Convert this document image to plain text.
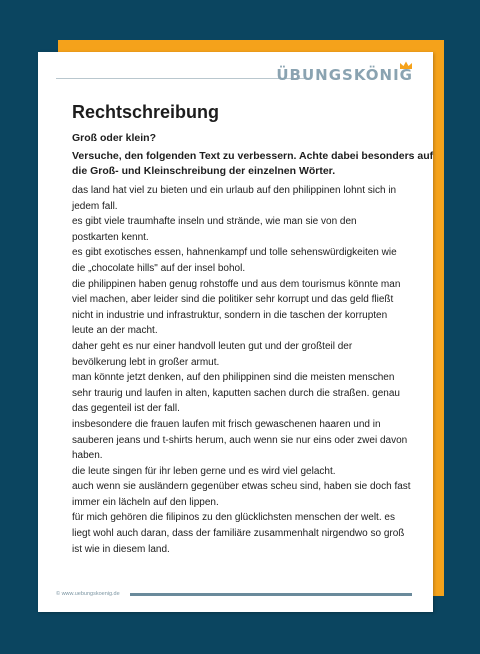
ÜBUNGSKÖNIG
Rechtschreibung
Groß oder klein?

Versuche, den folgenden Text zu verbessern. Achte dabei besonders auf
die Groß- und Kleinschreibung der einzelnen Wörter.

das land hat viel zu bieten und ein urlaub auf den philippinen lohnt sich in
jedem fall.
es gibt viele traumhafte inseln und strände, wie man sie von den
postkarten kennt.
es gibt exotisches essen, hahnenkampf und tolle sehenswürdigkeiten wie
die „chocolate hills" auf der insel bohol.
die philippinen haben genug rohstoffe und aus dem tourismus könnte man
viel machen, aber leider sind die politiker sehr korrupt und das geld fließt
nicht in industrie und infrastruktur, sondern in die taschen der korrupten
leute an der macht.
daher geht es nur einer handvoll leuten gut und der großteil der
bevölkerung lebt in großer armut.
man könnte jetzt denken, auf den philippinen sind die meisten menschen
sehr traurig und laufen in alten, kaputten sachen durch die straßen. genau
das gegenteil ist der fall.
insbesondere die frauen laufen mit frisch gewaschenen haaren und in
sauberen jeans und t-shirts herum, auch wenn sie nur eins oder zwei davon
haben.
die leute singen für ihr leben gerne und es wird viel gelacht.
auch wenn sie ausländern gegenüber etwas scheu sind, haben sie doch fast
immer ein lächeln auf den lippen.
für mich gehören die filipinos zu den glücklichsten menschen der welt. es
liegt wohl auch daran, dass der familiäre zusammenhalt nirgendwo so groß
ist wie in diesem land.
© www.uebungskoenig.de
